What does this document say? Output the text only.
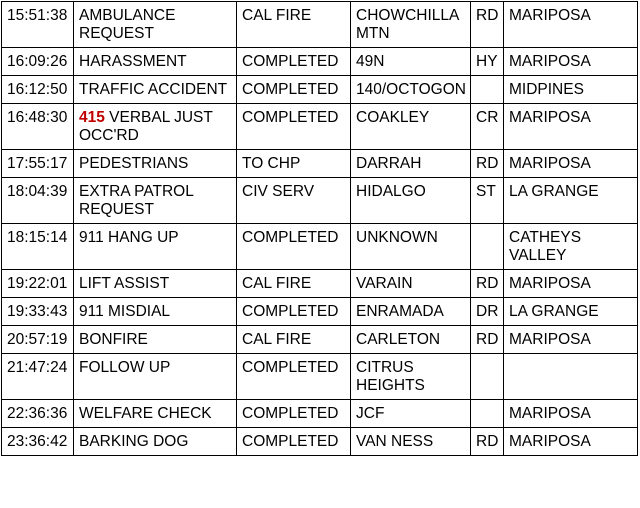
15:51:38	AMBULANCE REQUEST	CAL FIRE	CHOWCHILLA MTN	RD	MARIPOSA
16:09:26	HARASSMENT	COMPLETED	49N	HY	MARIPOSA
16:12:50	TRAFFIC ACCIDENT	COMPLETED	140/OCTOGON		MIDPINES
16:48:30	415 VERBAL JUST OCC'RD	COMPLETED	COAKLEY	CR	MARIPOSA
17:55:17	PEDESTRIANS	TO CHP	DARRAH	RD	MARIPOSA
18:04:39	EXTRA PATROL REQUEST	CIV SERV	HIDALGO	ST	LA GRANGE
18:15:14	911 HANG UP	COMPLETED	UNKNOWN		CATHEYS VALLEY
19:22:01	LIFT ASSIST	CAL FIRE	VARAIN	RD	MARIPOSA
19:33:43	911 MISDIAL	COMPLETED	ENRAMADA	DR	LA GRANGE
20:57:19	BONFIRE	CAL FIRE	CARLETON	RD	MARIPOSA
21:47:24	FOLLOW UP	COMPLETED	CITRUS HEIGHTS		
22:36:36	WELFARE CHECK	COMPLETED	JCF		MARIPOSA
23:36:42	BARKING DOG	COMPLETED	VAN NESS	RD	MARIPOSA
